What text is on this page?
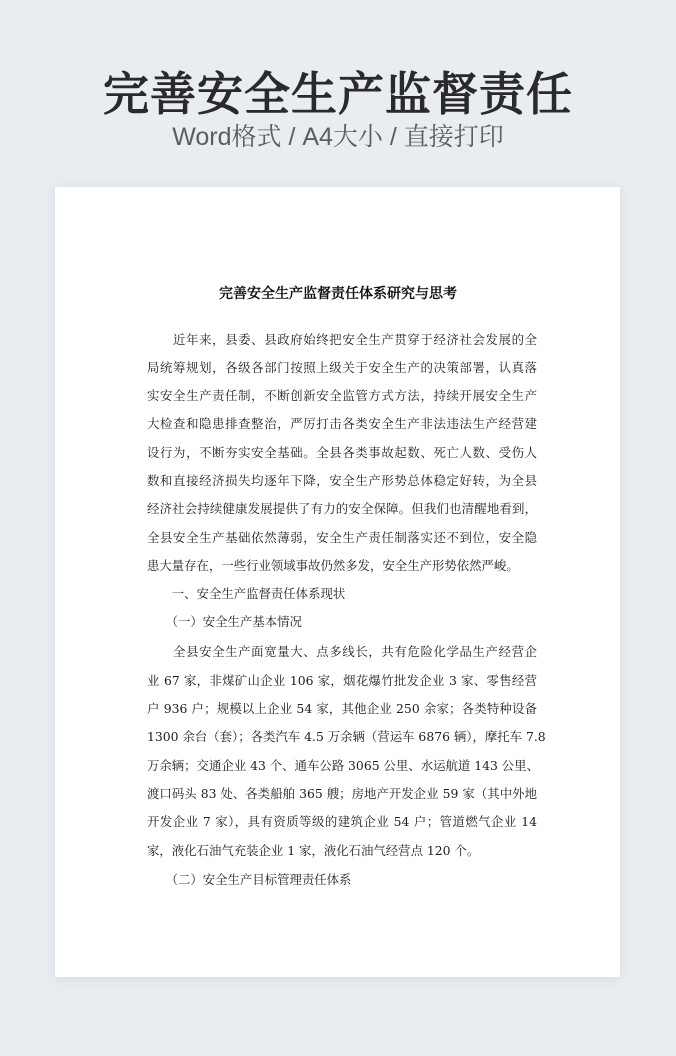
完善安全生产监督责任
Word格式 / A4大小 / 直接打印
完善安全生产监督责任体系研究与思考
　　近年来，县委、县政府始终把安全生产贯穿于经济社会发展的全
局统筹规划，各级各部门按照上级关于安全生产的决策部署，认真落
实安全生产责任制，不断创新安全监管方式方法，持续开展安全生产
大检查和隐患排查整治，严厉打击各类安全生产非法违法生产经营建
设行为，不断夯实安全基础。全县各类事故起数、死亡人数、受伤人
数和直接经济损失均逐年下降，安全生产形势总体稳定好转，为全县
经济社会持续健康发展提供了有力的安全保障。但我们也清醒地看到，
全县安全生产基础依然薄弱，安全生产责任制落实还不到位，安全隐
患大量存在，一些行业领域事故仍然多发，安全生产形势依然严峻。
　　一、安全生产监督责任体系现状
　　（一）安全生产基本情况
　　全县安全生产面宽量大、点多线长，共有危险化学品生产经营企
业 67 家，非煤矿山企业 106 家，烟花爆竹批发企业 3 家、零售经营
户 936 户；规模以上企业 54 家，其他企业 250 余家；各类特种设备
1300 余台（套）；各类汽车 4.5 万余辆（营运车 6876 辆），摩托车 7.8
万余辆；交通企业 43 个、通车公路 3065 公里、水运航道 143 公里、
渡口码头 83 处、各类船舶 365 艘；房地产开发企业 59 家（其中外地
开发企业 7 家），具有资质等级的建筑企业 54 户；管道燃气企业 14
家，液化石油气充装企业 1 家，液化石油气经营点 120 个。
　　（二）安全生产目标管理责任体系
